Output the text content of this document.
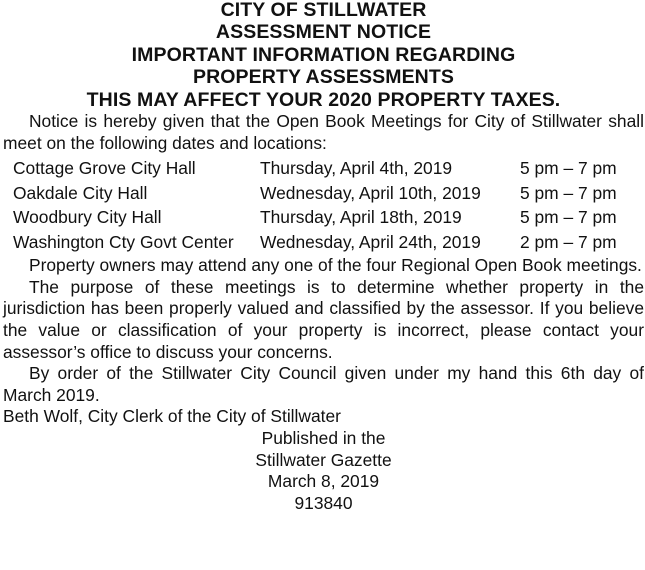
CITY OF STILLWATER
ASSESSMENT NOTICE
IMPORTANT INFORMATION REGARDING
PROPERTY ASSESSMENTS
THIS MAY AFFECT YOUR 2020 PROPERTY TAXES.

Notice is hereby given that the Open Book Meetings for City of Stillwater shall meet on the following dates and locations:

Cottage Grove City Hall	Thursday, April 4th, 2019	5 pm – 7 pm
Oakdale City Hall	Wednesday, April 10th, 2019	5 pm – 7 pm
Woodbury City Hall	Thursday, April 18th, 2019	5 pm – 7 pm
Washington Cty Govt Center	Wednesday, April 24th, 2019	2 pm – 7 pm

Property owners may attend any one of the four Regional Open Book meetings.

The purpose of these meetings is to determine whether property in the jurisdiction has been properly valued and classified by the assessor. If you believe the value or classification of your property is incorrect, please contact your assessor’s office to discuss your concerns.

By order of the Stillwater City Council given under my hand this 6th day of March 2019.

Beth Wolf, City Clerk of the City of Stillwater
Published in the
Stillwater Gazette
March 8, 2019
913840
